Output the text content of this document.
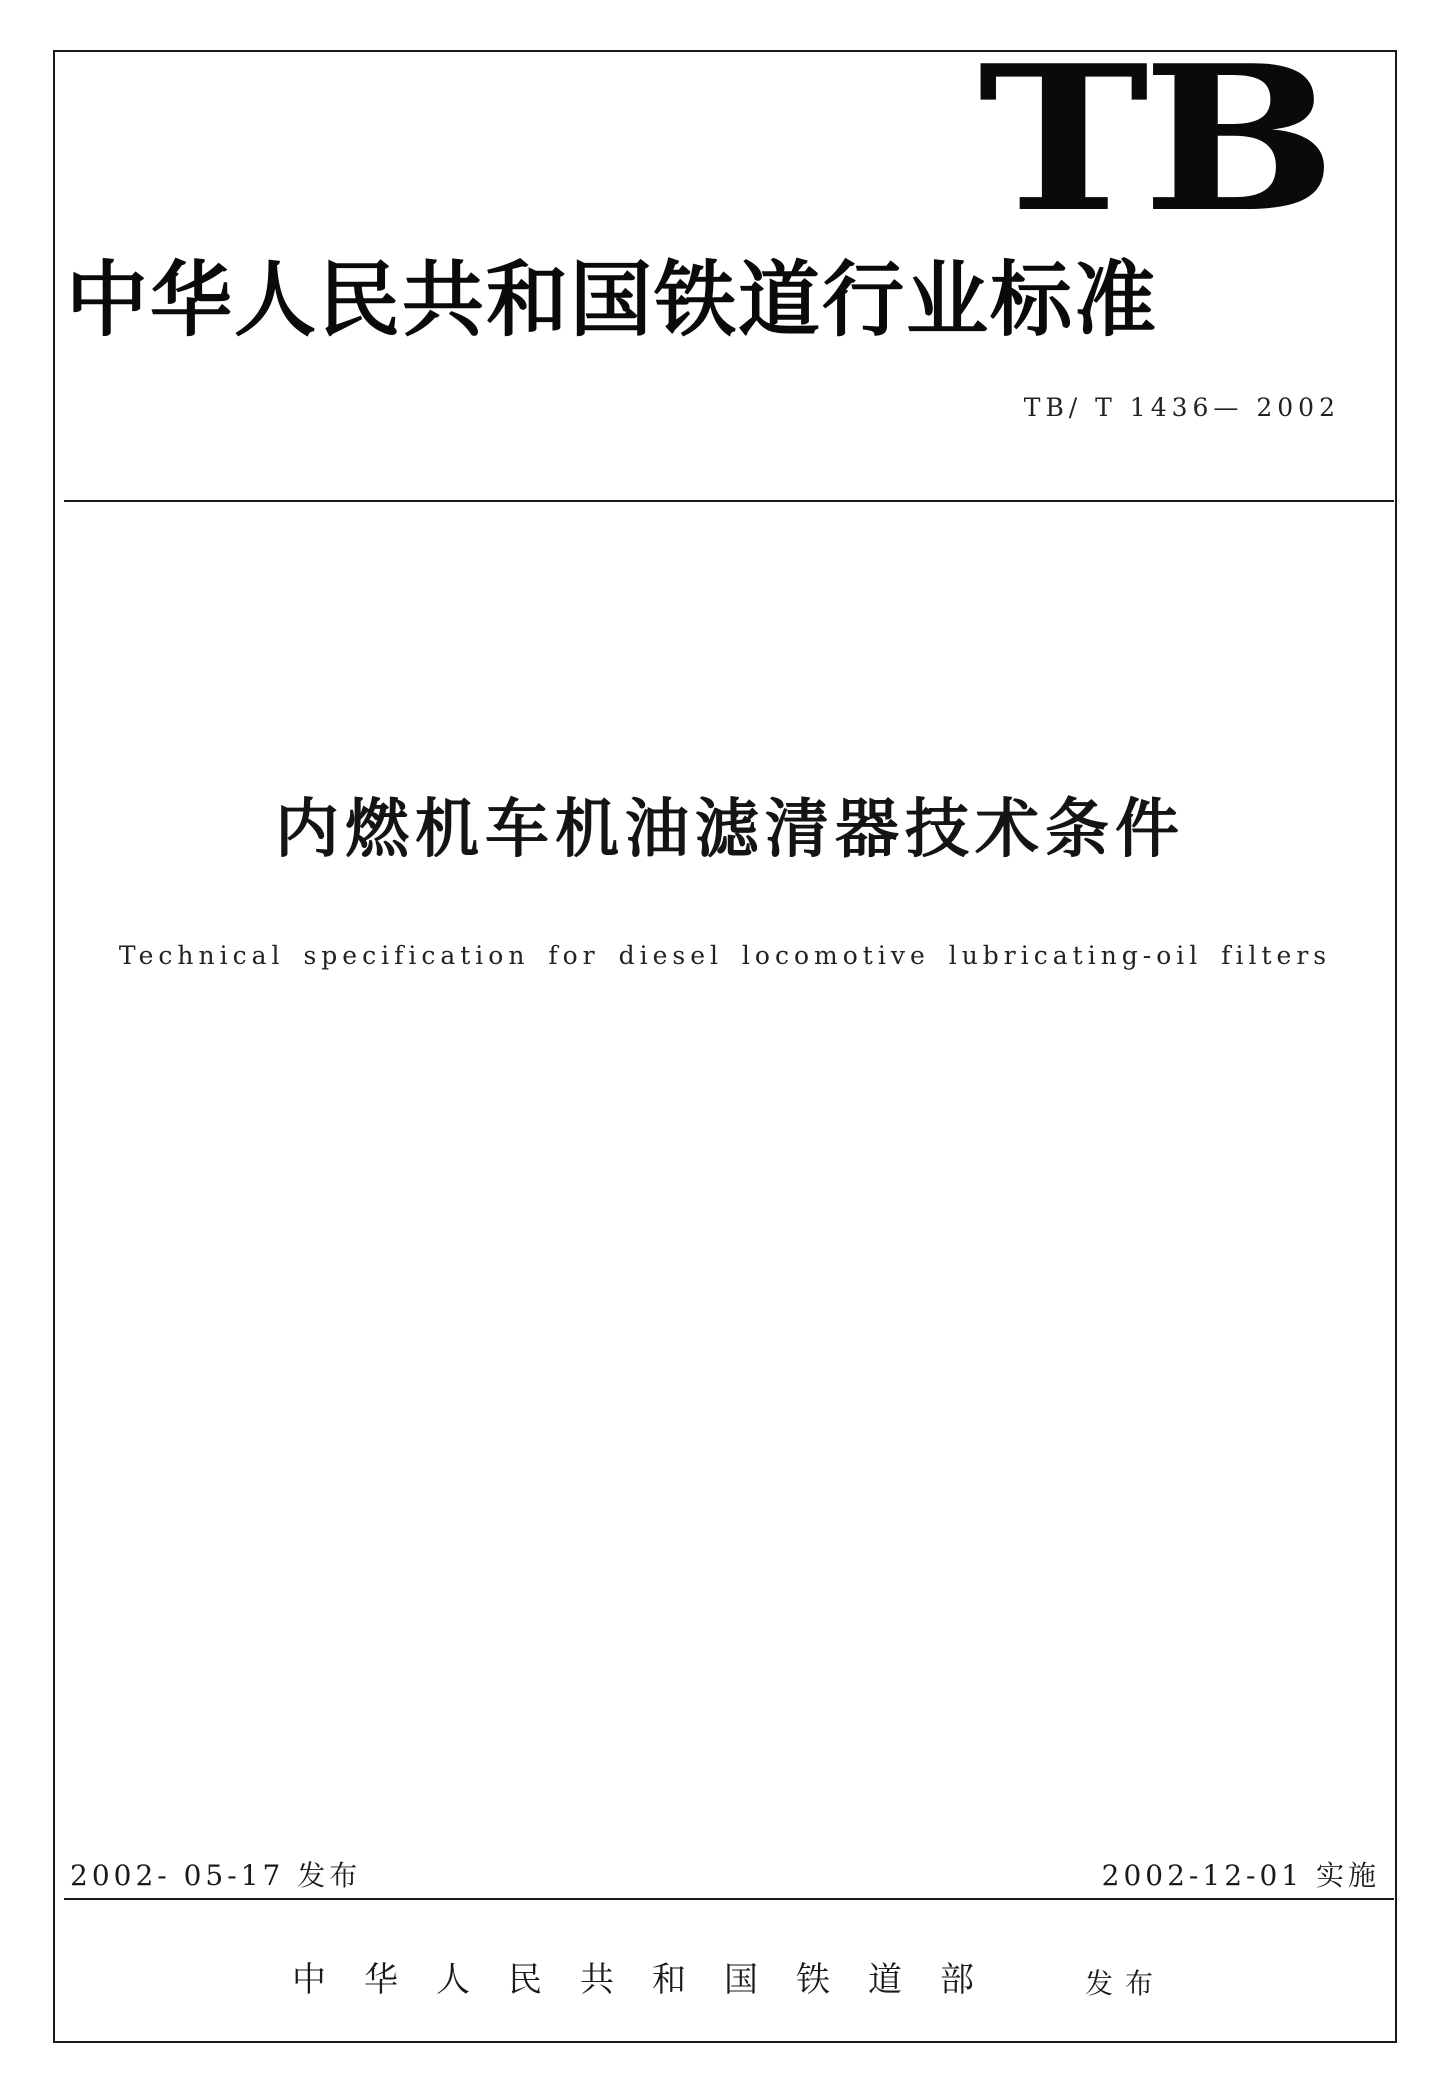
TB
中华人民共和国铁道行业标准
TB/ T 1436— 2002
内燃机车机油滤清器技术条件
Technical specification for diesel locomotive lubricating-oil filters
2002- 05-17 发布	2002-12-01 实施
中华人民共和国铁道部	发布
